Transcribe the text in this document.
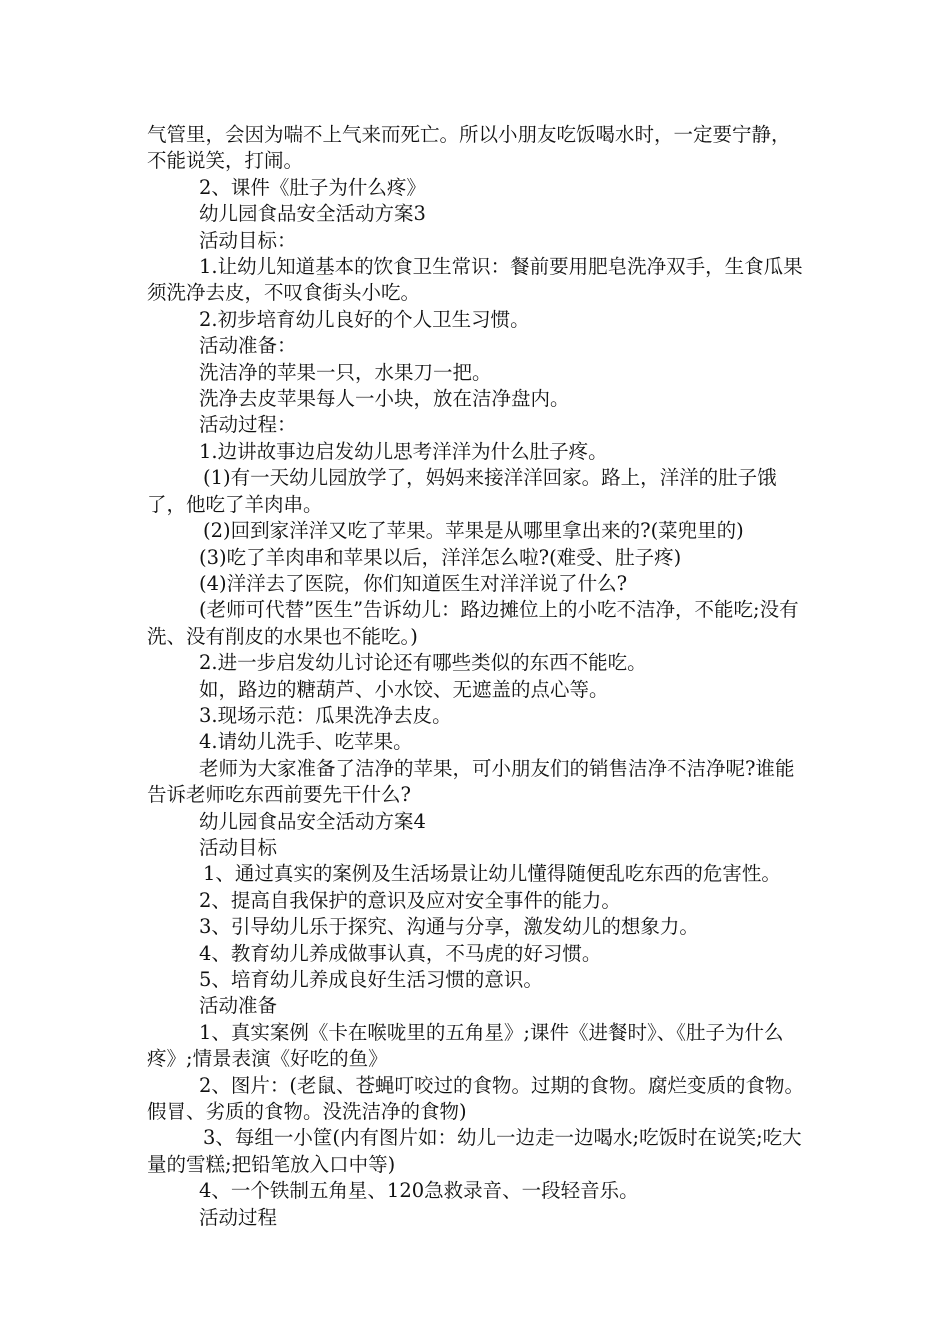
气管里，会因为喘不上气来而死亡。所以小朋友吃饭喝水时，一定要宁静，不能说笑，打闹。

2、课件《肚子为什么疼》

幼儿园食品安全活动方案3

活动目标：

1.让幼儿知道基本的饮食卫生常识：餐前要用肥皂洗净双手，生食瓜果须洗净去皮，不叹食街头小吃。

2.初步培育幼儿良好的个人卫生习惯。

活动准备：

洗洁净的苹果一只，水果刀一把。

洗净去皮苹果每人一小块，放在洁净盘内。

活动过程：

1.边讲故事边启发幼儿思考洋洋为什么肚子疼。

(1)有一天幼儿园放学了，妈妈来接洋洋回家。路上，洋洋的肚子饿了，他吃了羊肉串。

(2)回到家洋洋又吃了苹果。苹果是从哪里拿出来的?(菜兜里的)

(3)吃了羊肉串和苹果以后，洋洋怎么啦?(难受、肚子疼)

(4)洋洋去了医院，你们知道医生对洋洋说了什么?

(老师可代替”医生”告诉幼儿：路边摊位上的小吃不洁净，不能吃;没有洗、没有削皮的水果也不能吃。)

2.进一步启发幼儿讨论还有哪些类似的东西不能吃。

如，路边的糖葫芦、小水饺、无遮盖的点心等。

3.现场示范：瓜果洗净去皮。

4.请幼儿洗手、吃苹果。

老师为大家准备了洁净的苹果，可小朋友们的销售洁净不洁净呢?谁能告诉老师吃东西前要先干什么?

幼儿园食品安全活动方案4

活动目标

1、通过真实的案例及生活场景让幼儿懂得随便乱吃东西的危害性。

2、提高自我保护的意识及应对安全事件的能力。

3、引导幼儿乐于探究、沟通与分享，激发幼儿的想象力。

4、教育幼儿养成做事认真，不马虎的好习惯。

5、培育幼儿养成良好生活习惯的意识。

活动准备

1、真实案例《卡在喉咙里的五角星》;课件《进餐时》、《肚子为什么疼》;情景表演《好吃的鱼》

2、图片：(老鼠、苍蝇叮咬过的食物。过期的食物。腐烂变质的食物。假冒、劣质的食物。没洗洁净的食物)

3、每组一小筐(内有图片如：幼儿一边走一边喝水;吃饭时在说笑;吃大量的雪糕;把铅笔放入口中等)

4、一个铁制五角星、120急救录音、一段轻音乐。

活动过程
